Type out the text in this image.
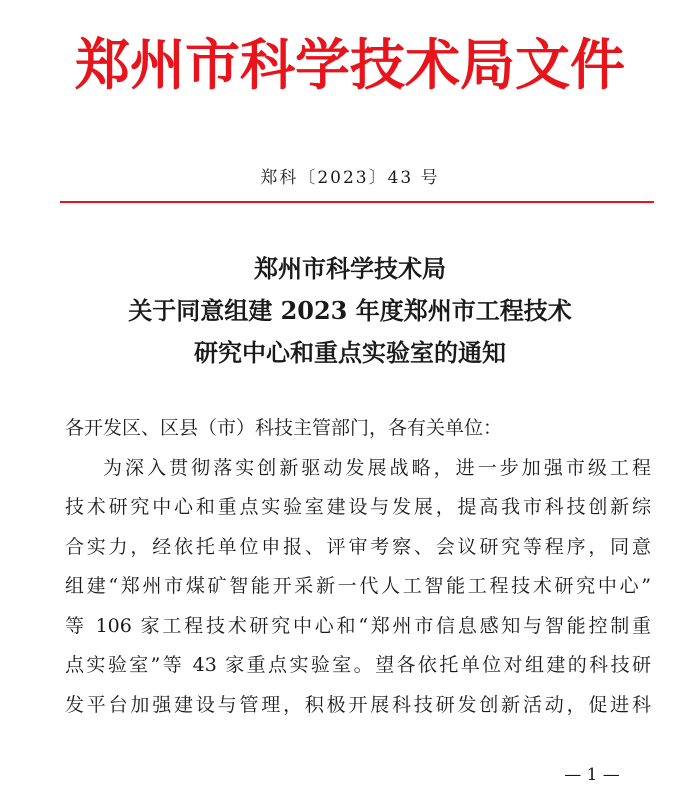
郑州市科学技术局文件
郑科〔2023〕43 号
郑州市科学技术局
关于同意组建 2023 年度郑州市工程技术
研究中心和重点实验室的通知
各开发区、区县（市）科技主管部门，各有关单位：
为深入贯彻落实创新驱动发展战略，进一步加强市级工程
技术研究中心和重点实验室建设与发展，提高我市科技创新综
合实力，经依托单位申报、评审考察、会议研究等程序，同意
组建“郑州市煤矿智能开采新一代人工智能工程技术研究中心”
等 106 家工程技术研究中心和“郑州市信息感知与智能控制重
点实验室”等 43 家重点实验室。望各依托单位对组建的科技研
发平台加强建设与管理，积极开展科技研发创新活动，促进科
— 1 —
